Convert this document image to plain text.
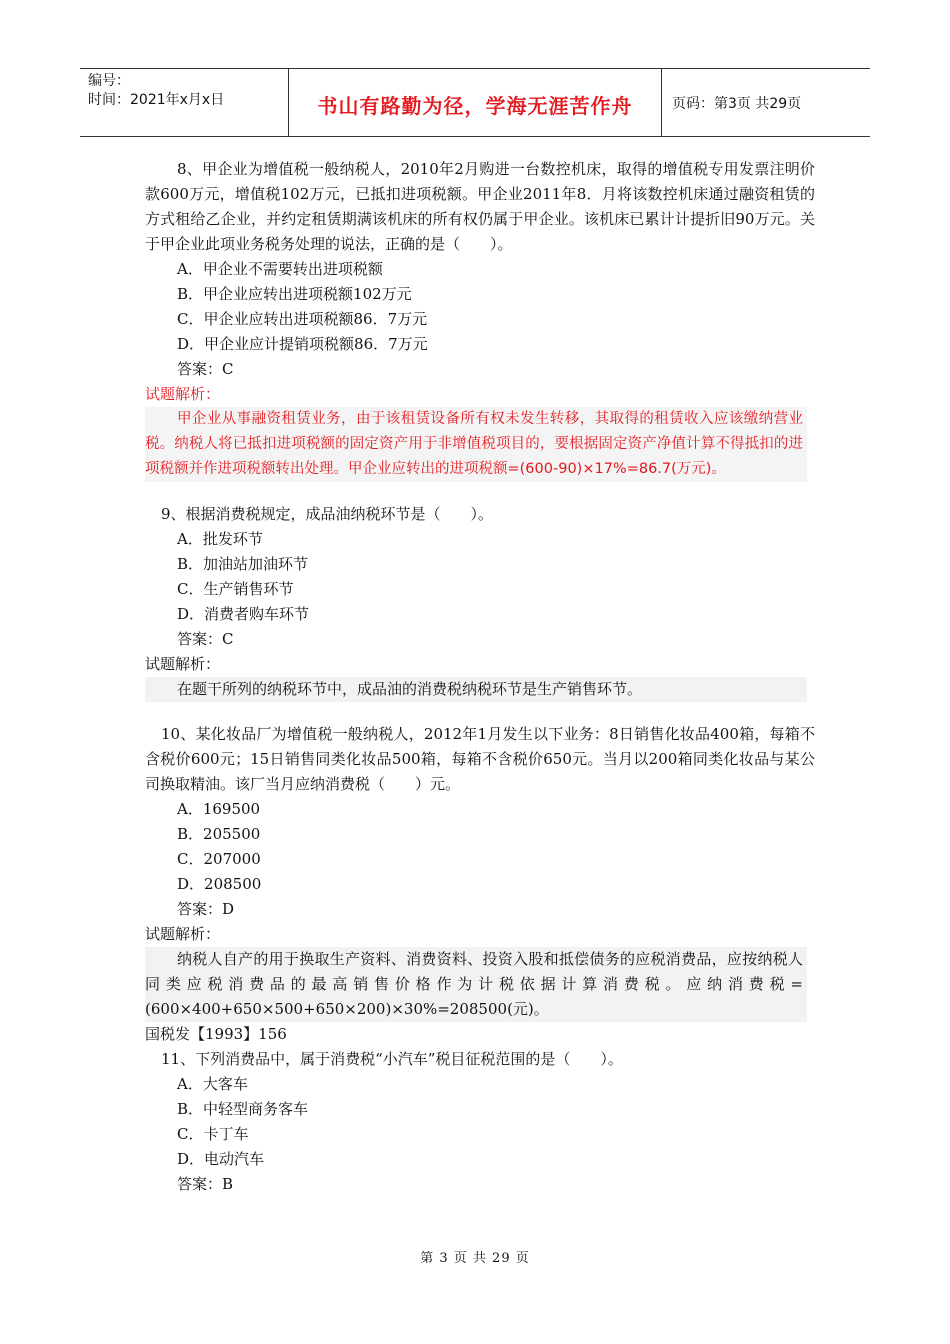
编号：
时间：2021年x月x日	书山有路勤为径，学海无涯苦作舟	页码：第3页 共29页
8、甲企业为增值税一般纳税人，2010年2月购进一台数控机床，取得的增值税专用发票注明价款600万元，增值税102万元，已抵扣进项税额。甲企业2011年8．月将该数控机床通过融资租赁的方式租给乙企业，并约定租赁期满该机床的所有权仍属于甲企业。该机床已累计计提折旧90万元。关于甲企业此项业务税务处理的说法，正确的是（　　）。
A．甲企业不需要转出进项税额
B．甲企业应转出进项税额102万元
C．甲企业应转出进项税额86．7万元
D．甲企业应计提销项税额86．7万元
答案：C
试题解析：
甲企业从事融资租赁业务，由于该租赁设备所有权未发生转移，其取得的租赁收入应该缴纳营业税。纳税人将已抵扣进项税额的固定资产用于非增值税项目的，要根据固定资产净值计算不得抵扣的进项税额并作进项税额转出处理。甲企业应转出的进项税额=(600-90)×17%=86.7(万元)。
9、根据消费税规定，成品油纳税环节是（　　）。
A．批发环节
B．加油站加油环节
C．生产销售环节
D．消费者购车环节
答案：C
试题解析：
在题干所列的纳税环节中，成品油的消费税纳税环节是生产销售环节。
10、某化妆品厂为增值税一般纳税人，2012年1月发生以下业务：8日销售化妆品400箱，每箱不含税价600元；15日销售同类化妆品500箱，每箱不含税价650元。当月以200箱同类化妆品与某公司换取精油。该厂当月应纳消费税（　　）元。
A．169500
B．205500
C．207000
D．208500
答案：D
试题解析：
纳税人自产的用于换取生产资料、消费资料、投资入股和抵偿债务的应税消费品，应按纳税人同类应税消费品的最高销售价格作为计税依据计算消费税。应纳消费税=(600×400+650×500+650×200)×30%=208500(元)。
国税发【1993】156
11、下列消费品中，属于消费税“小汽车”税目征税范围的是（　　）。
A．大客车
B．中轻型商务客车
C．卡丁车
D．电动汽车
答案：B
第 3 页 共 29 页
